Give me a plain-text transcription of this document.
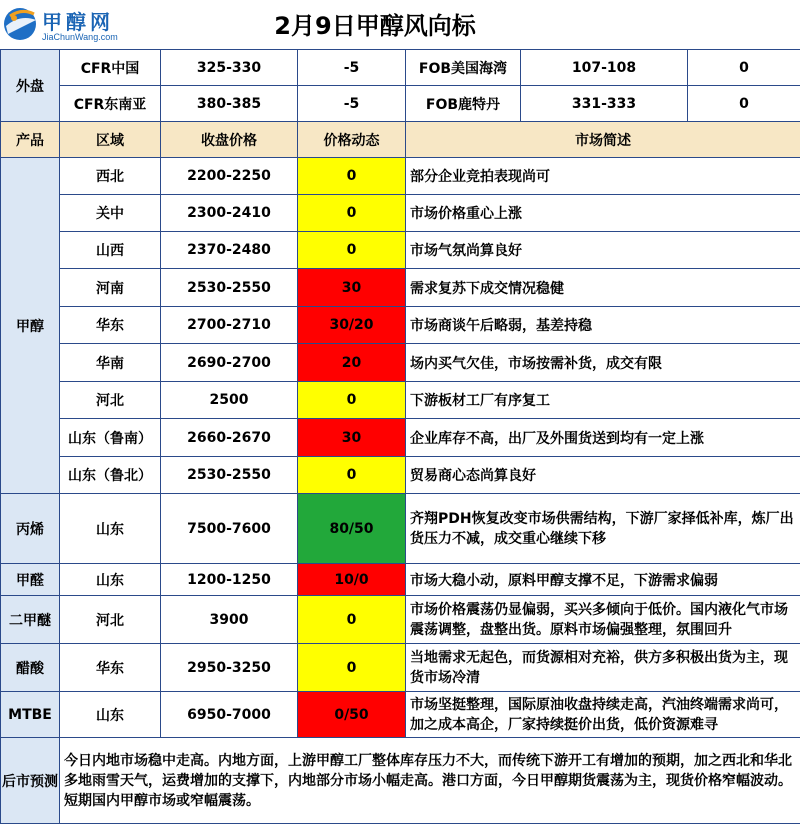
甲醇网
JiaChunWang.com	2月9日甲醇风向标
外盘	CFR中国	325-330	-5	FOB美国海湾	107-108	0
	CFR东南亚	380-385	-5	FOB鹿特丹	331-333	0
产品	区域	收盘价格	价格动态	市场简述		
甲醇	西北	2200-2250	0	部分企业竞拍表现尚可		
	关中	2300-2410	0	市场价格重心上涨		
	山西	2370-2480	0	市场气氛尚算良好		
	河南	2530-2550	30	需求复苏下成交情况稳健		
	华东	2700-2710	30/20	市场商谈午后略弱，基差持稳		
	华南	2690-2700	20	场内买气欠佳，市场按需补货，成交有限		
	河北	2500	0	下游板材工厂有序复工		
	山东（鲁南）	2660-2670	30	企业库存不高，出厂及外围货送到均有一定上涨		
	山东（鲁北）	2530-2550	0	贸易商心态尚算良好		
丙烯	山东	7500-7600	80/50	齐翔PDH恢复改变市场供需结构，下游厂家择低补库，炼厂出货压力不减，成交重心继续下移		
甲醛	山东	1200-1250	10/0	市场大稳小动，原料甲醇支撑不足，下游需求偏弱		
二甲醚	河北	3900	0	市场价格震荡仍显偏弱，买兴多倾向于低价。国内液化气市场震荡调整，盘整出货。原料市场偏强整理，氛围回升		
醋酸	华东	2950-3250	0	当地需求无起色，而货源相对充裕，供方多积极出货为主，现货市场冷清		
MTBE	山东	6950-7000	0/50	市场坚挺整理，国际原油收盘持续走高，汽油终端需求尚可，加之成本高企，厂家持续挺价出货，低价资源难寻		
后市预测	今日内地市场稳中走高。内地方面，上游甲醇工厂整体库存压力不大，而传统下游开工有增加的预期，加之西北和华北多地雨雪天气，运费增加的支撑下，内地部分市场小幅走高。港口方面，今日甲醇期货震荡为主，现货价格窄幅波动。短期国内甲醇市场或窄幅震荡。					
